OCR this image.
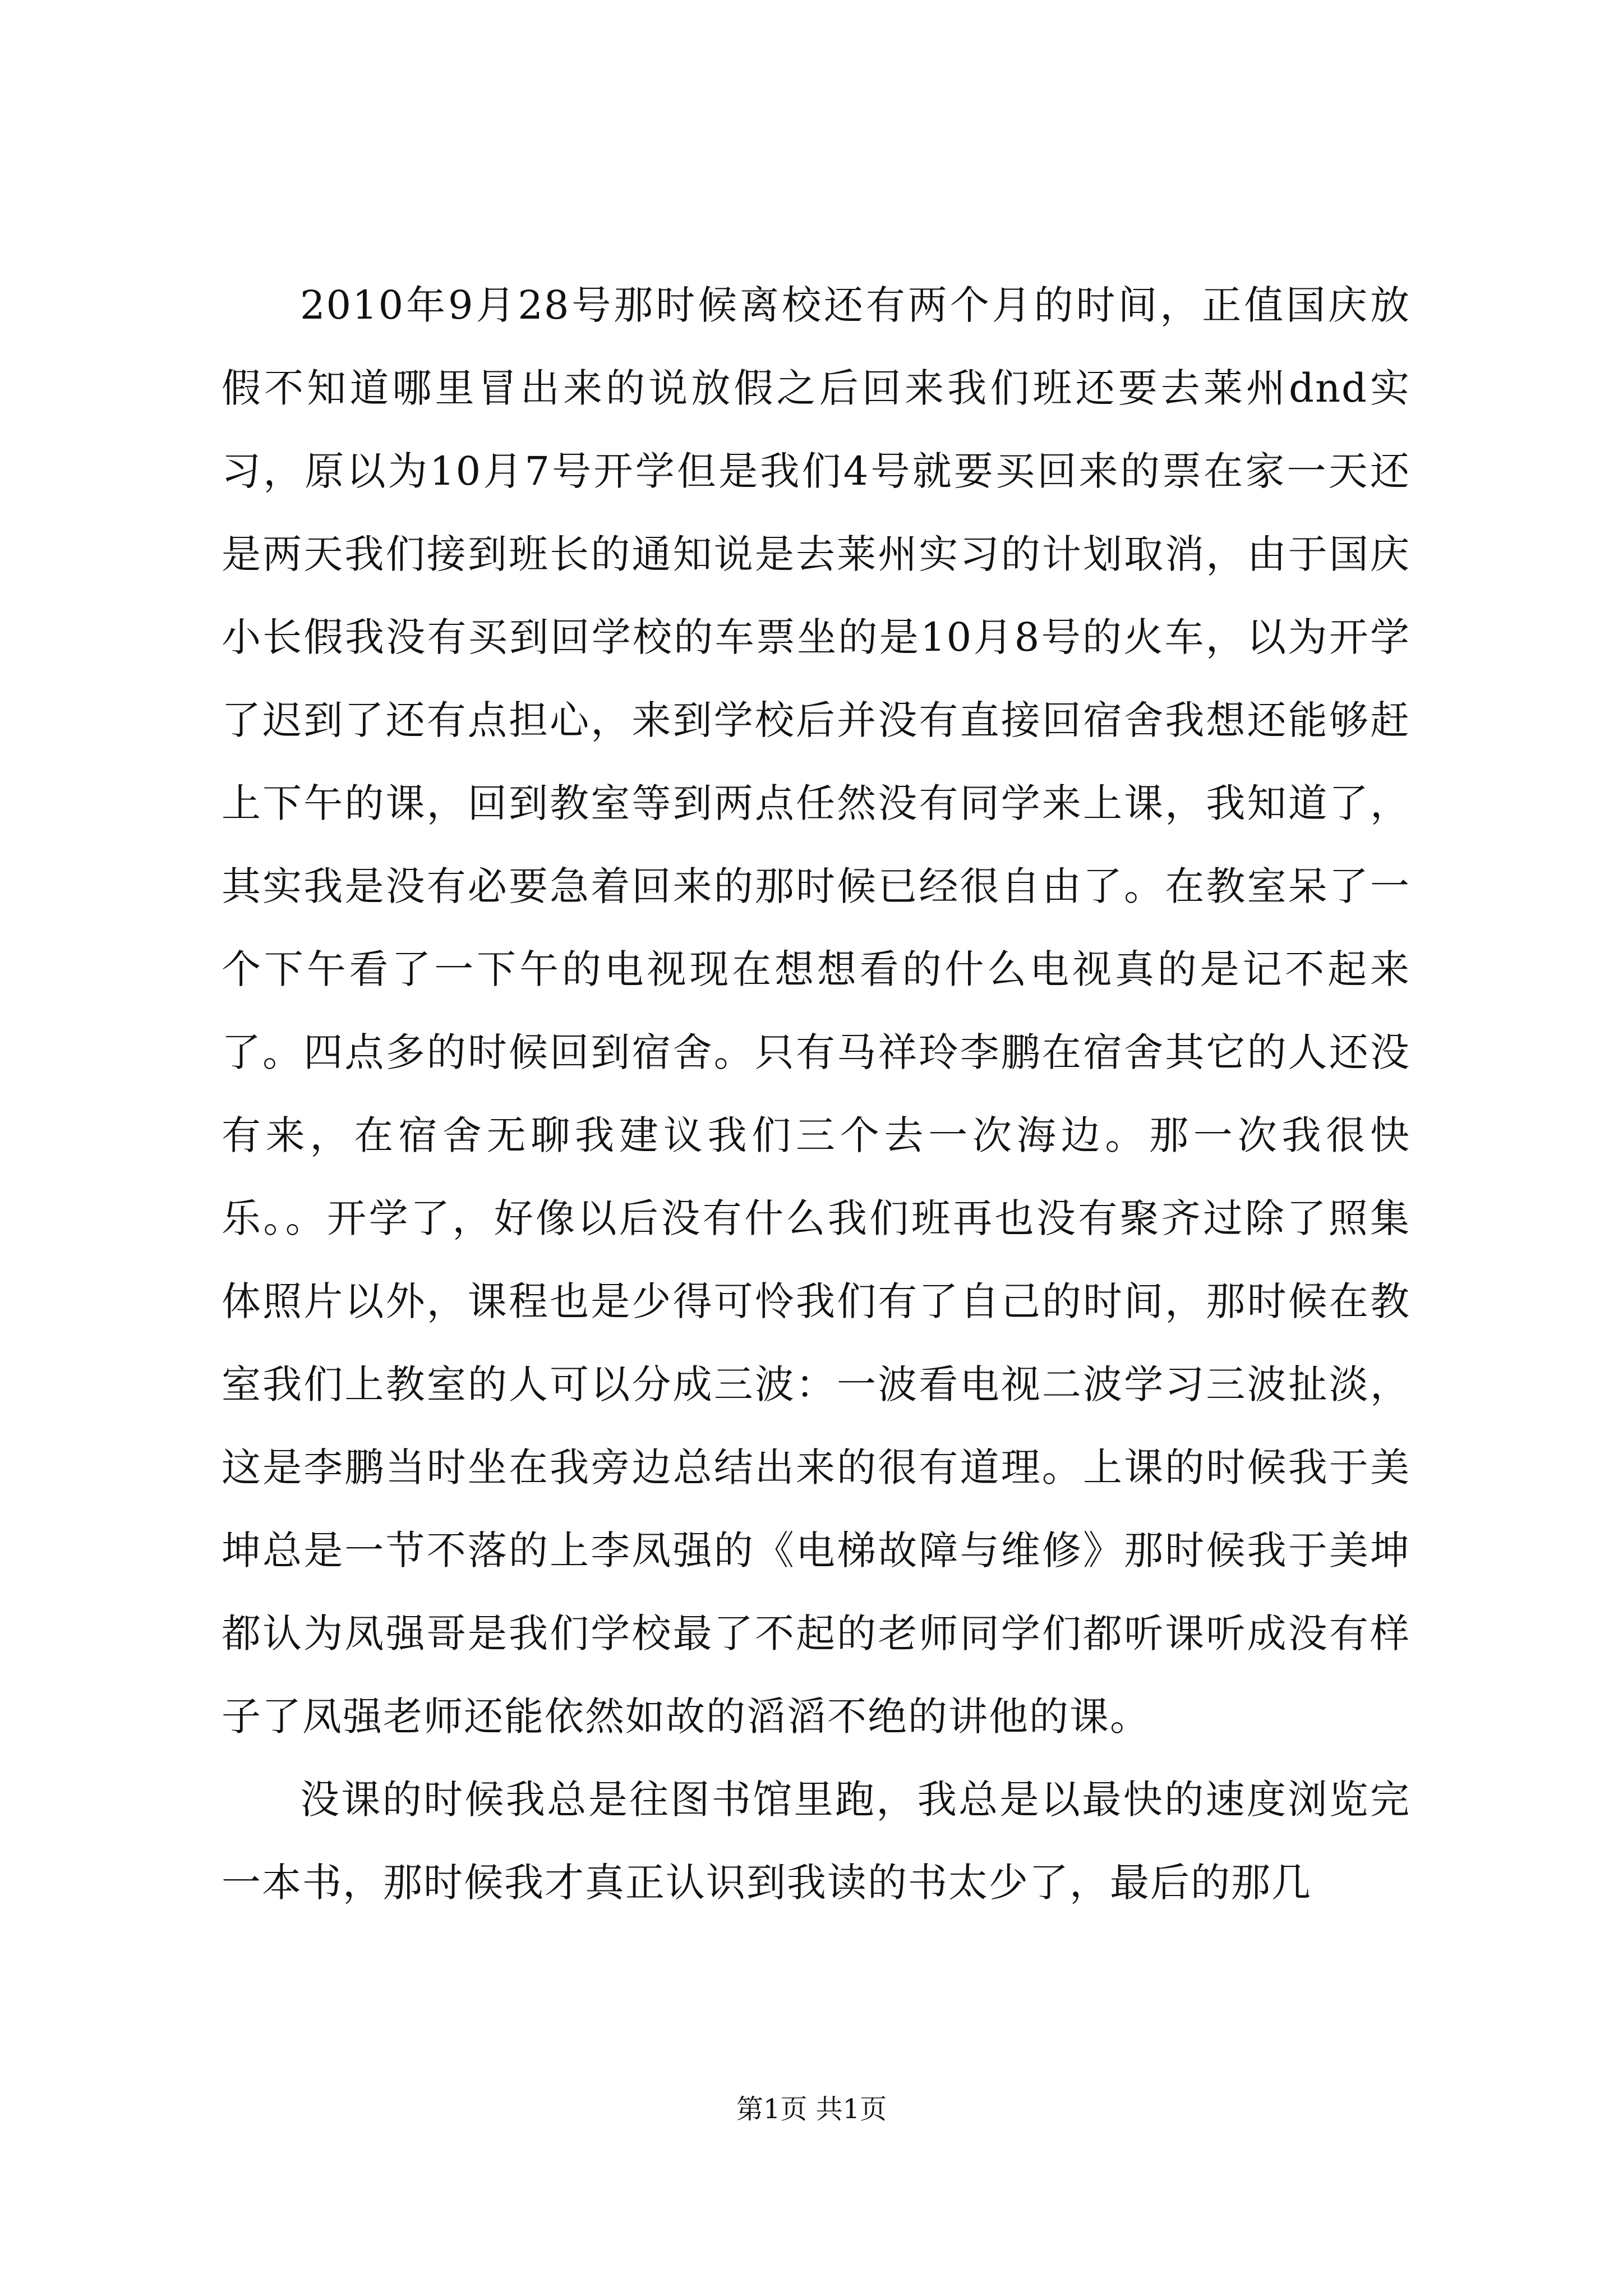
2010年9月28号那时候离校还有两个月的时间，正值国庆放假不知道哪里冒出来的说放假之后回来我们班还要去莱州dnd实习，原以为10月7号开学但是我们4号就要买回来的票在家一天还是两天我们接到班长的通知说是去莱州实习的计划取消，由于国庆小长假我没有买到回学校的车票坐的是10月8号的火车，以为开学了迟到了还有点担心，来到学校后并没有直接回宿舍我想还能够赶上下午的课，回到教室等到两点任然没有同学来上课，我知道了，其实我是没有必要急着回来的那时候已经很自由了。在教室呆了一个下午看了一下午的电视现在想想看的什么电视真的是记不起来了。四点多的时候回到宿舍。只有马祥玲李鹏在宿舍其它的人还没有来，在宿舍无聊我建议我们三个去一次海边。那一次我很快乐。。开学了，好像以后没有什么我们班再也没有聚齐过除了照集体照片以外，课程也是少得可怜我们有了自己的时间，那时候在教室我们上教室的人可以分成三波：一波看电视二波学习三波扯淡，这是李鹏当时坐在我旁边总结出来的很有道理。上课的时候我于美坤总是一节不落的上李凤强的《电梯故障与维修》那时候我于美坤都认为凤强哥是我们学校最了不起的老师同学们都听课听成没有样子了凤强老师还能依然如故的滔滔不绝的讲他的课。

没课的时候我总是往图书馆里跑，我总是以最快的速度浏览完一本书，那时候我才真正认识到我读的书太少了，最后的那几

第1页 共1页
